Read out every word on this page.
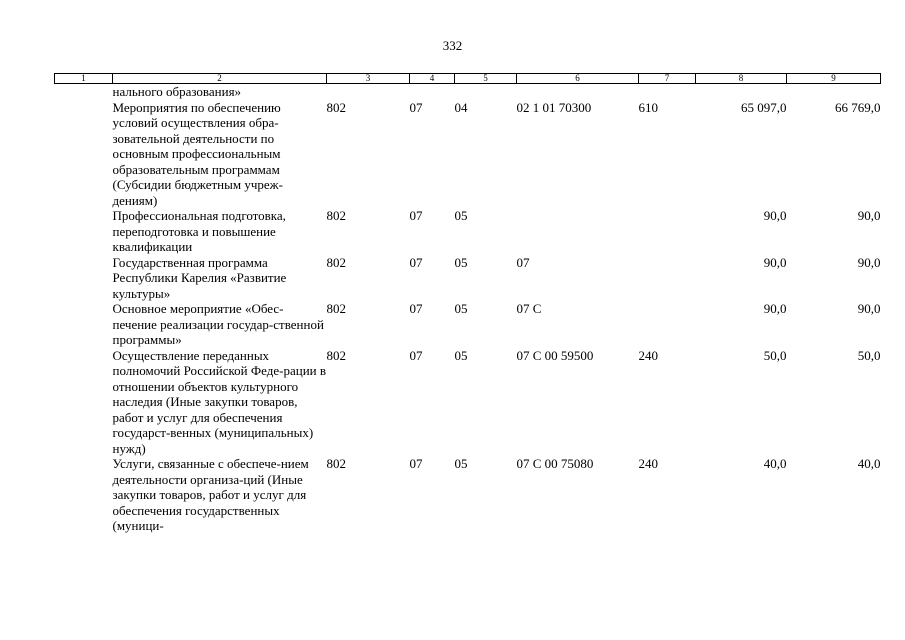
332
1	2	3	4	5	6	7	8	9
	нального образования»							
	Мероприятия по обеспечению условий осуществления обра-зовательной деятельности по основным профессиональным образовательным программам (Субсидии бюджетным учреж-дениям)	802	07	04	02 1 01 70300	610	65 097,0	66 769,0
	Профессиональная подготовка, переподготовка и повышение квалификации	802	07	05			90,0	90,0
	Государственная программа Республики Карелия «Развитие культуры»	802	07	05	07		90,0	90,0
	Основное мероприятие «Обес-печение реализации государ-ственной программы»	802	07	05	07 С		90,0	90,0
	Осуществление переданных полномочий Российской Феде-рации в отношении объектов культурного наследия (Иные закупки товаров, работ и услуг для обеспечения государст-венных (муниципальных) нужд)	802	07	05	07 С 00 59500	240	50,0	50,0
	Услуги, связанные с обеспече-нием деятельности организа-ций (Иные закупки товаров, работ и услуг для обеспечения государственных (муници-	802	07	05	07 С 00 75080	240	40,0	40,0
